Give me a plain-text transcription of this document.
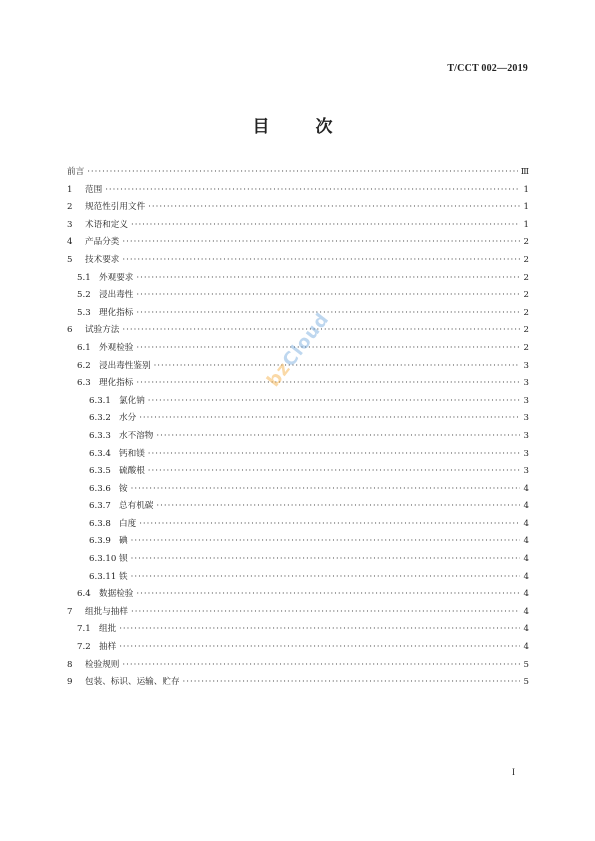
T/CCT 002—2019
目 次
前言 ·····	Ⅲ
1	范围 ·····	1
2	规范性引用文件 ·····	1
3	术语和定义 ·····	1
4	产品分类 ·····	2
5	技术要求 ·····	2
5.1 外观要求 ·····	2
5.2 浸出毒性 ·····	2
5.3 理化指标 ·····	2
6	试验方法 ·····	2
6.1 外观检验 ·····	2
6.2 浸出毒性鉴别 ·····	3
6.3 理化指标 ·····	3
6.3.1 氯化钠 ·····	3
6.3.2 水分 ·····	3
6.3.3 水不溶物 ·····	3
6.3.4 钙和镁 ·····	3
6.3.5 硫酸根 ·····	3
6.3.6 铵 ·····	4
6.3.7 总有机碳 ·····	4
6.3.8 白度 ·····	4
6.3.9 碘 ·····	4
6.3.10 钡 ·····	4
6.3.11 铁 ·····	4
6.4 数据检验 ·····	4
7	组批与抽样 ·····	4
7.1 组批 ·····	4
7.2 抽样 ·····	4
8	检验规则 ·····	5
9	包装、标识、运输、贮存 ·····	5
bzCloud
I
